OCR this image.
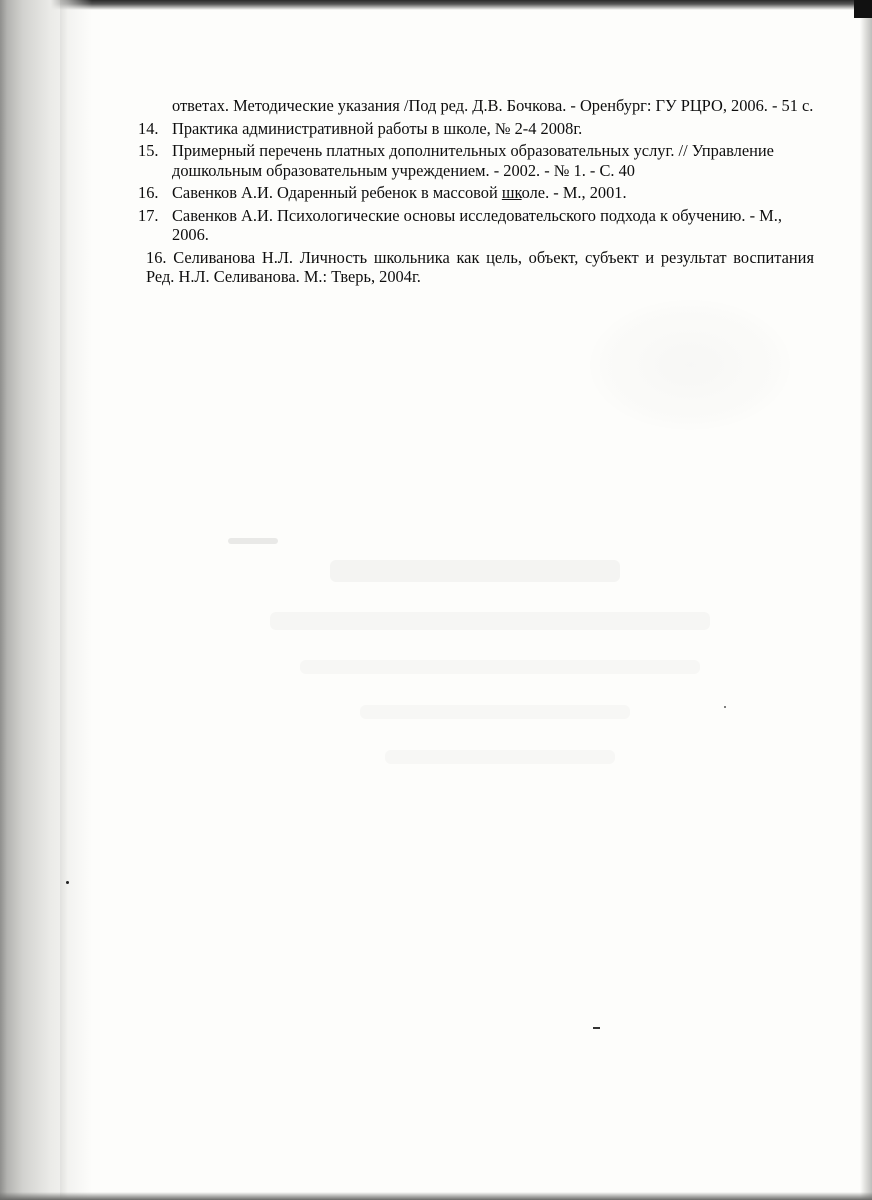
ответах. Методические указания /Под ред. Д.В. Бочкова. - Оренбург: ГУ РЦРО, 2006. - 51 с.
14. Практика административной работы в школе, № 2-4 2008г.
15. Примерный перечень платных дополнительных образовательных услуг. // Управление дошкольным образовательным учреждением. - 2002. - № 1. - С. 40
16. Савенков А.И. Одаренный ребенок в массовой школе. - М., 2001.
17. Савенков А.И. Психологические основы исследовательского подхода к обучению. - М., 2006.
16. Селиванова Н.Л. Личность школьника как цель, объект, субъект и результат воспитания Ред. Н.Л. Селиванова. М.: Тверь, 2004г.
